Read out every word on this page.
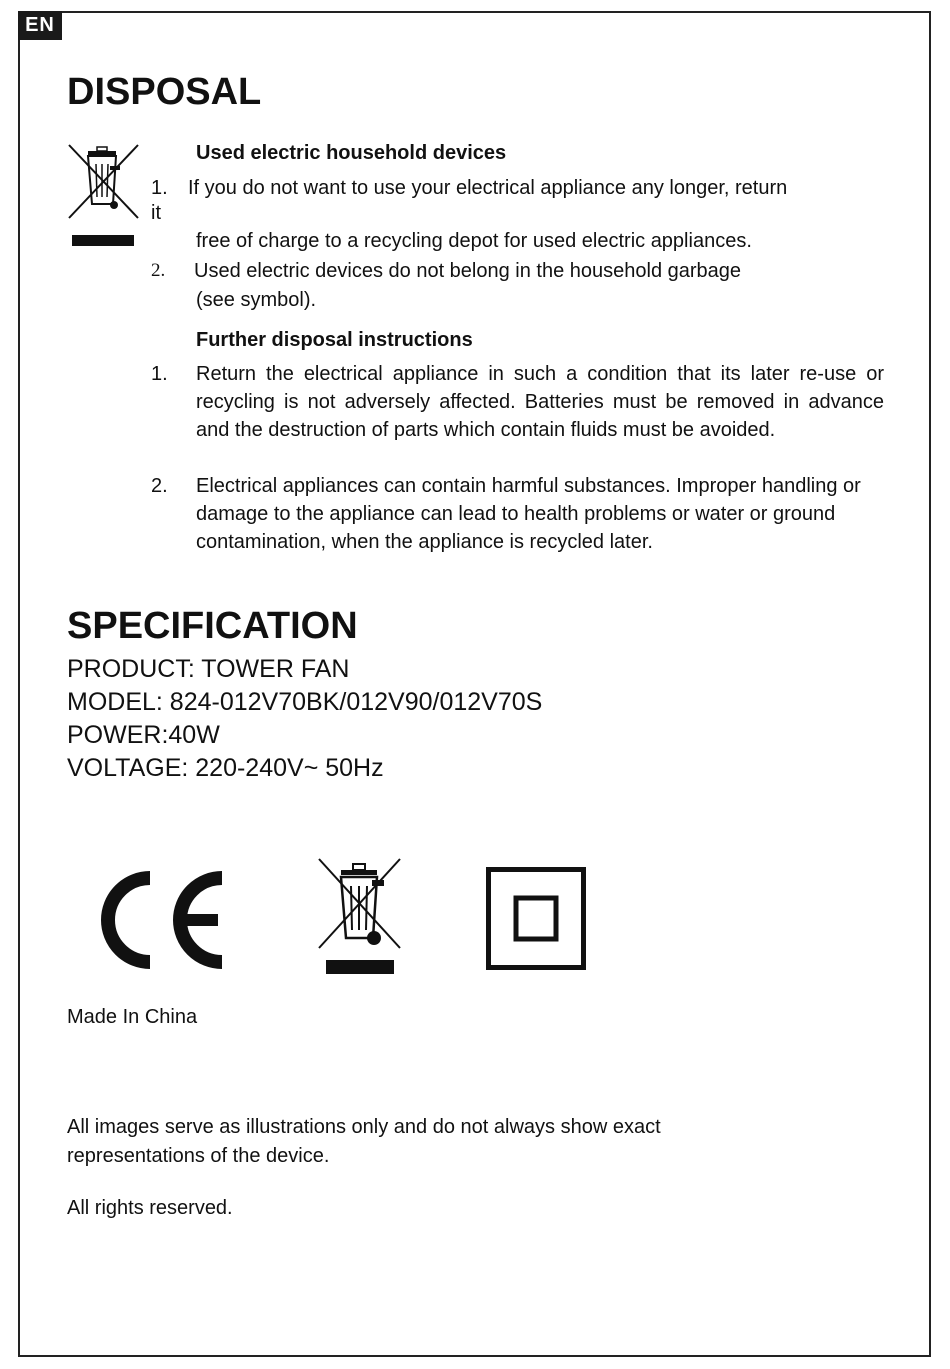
EN
DISPOSAL
Used electric household devices
1. If you do not want to use your electrical appliance any longer, return
it
free of charge to a recycling depot for used electric appliances.
2. Used electric devices do not belong in the household garbage
(see symbol).
Further disposal instructions
1. Return the electrical appliance in such a condition that its later re-use or recycling is not adversely affected. Batteries must be removed in advance and the destruction of parts which contain fluids must be avoided.
2. Electrical appliances can contain harmful substances. Improper handling or damage to the appliance can lead to health problems or water or ground contamination, when the appliance is recycled later.
SPECIFICATION
PRODUCT: TOWER FAN
MODEL: 824-012V70BK/012V90/012V70S
POWER:40W
VOLTAGE: 220-240V~ 50Hz
Made In China
All images serve as illustrations only and do not always show exact
representations of the device.
All rights reserved.
